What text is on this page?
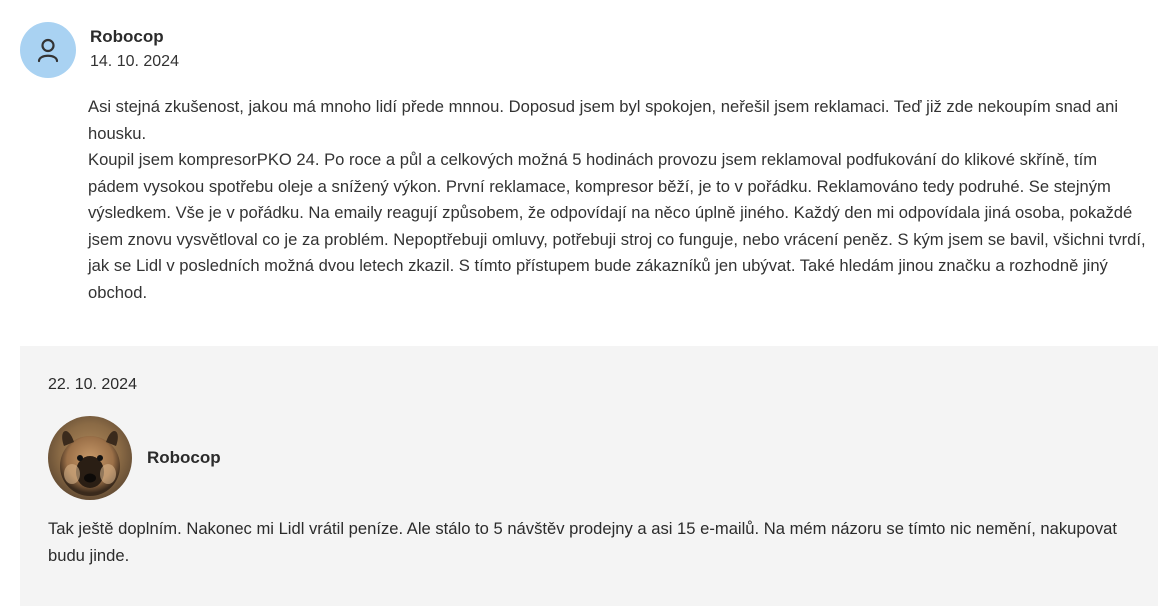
Robocop
14. 10. 2024

Asi stejná zkušenost, jakou má mnoho lidí přede mnnou. Doposud jsem byl spokojen, neřešil jsem reklamaci. Teď již zde nekoupím snad ani housku.

Koupil jsem kompresorPKO 24. Po roce a půl a celkových možná 5 hodinách provozu jsem reklamoval podfukování do klikové skříně, tím pádem vysokou spotřebu oleje a snížený výkon. První reklamace, kompresor běží, je to v pořádku. Reklamováno tedy podruhé. Se stejným výsledkem. Vše je v pořádku. Na emaily reagují způsobem, že odpovídají na něco úplně jiného. Každý den mi odpovídala jiná osoba, pokaždé jsem znovu vysvětloval co je za problém. Nepoptřebuji omluvy, potřebuji stroj co funguje, nebo vrácení peněz. S kým jsem se bavil, všichni tvrdí, jak se Lidl v posledních možná dvou letech zkazil. S tímto přístupem bude zákazníků jen ubývat. Také hledám jinou značku a rozhodně jiný obchod.

22. 10. 2024
Robocop
Tak ještě doplním. Nakonec mi Lidl vrátil peníze. Ale stálo to 5 návštěv prodejny a asi 15 e-mailů. Na mém názoru se tímto nic nemění, nakupovat budu jinde.
